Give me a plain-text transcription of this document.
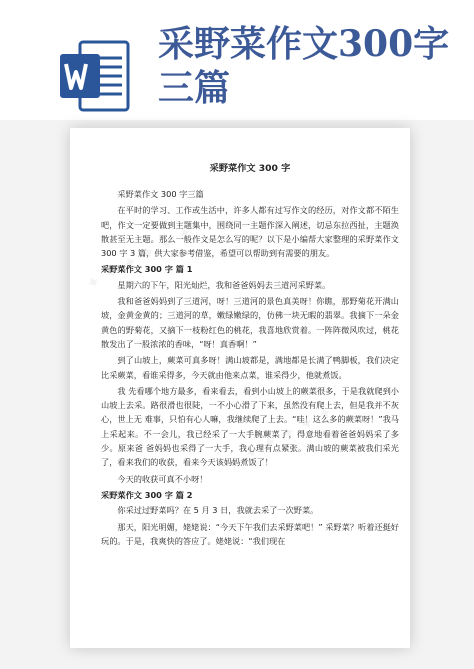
采野菜作文300字三篇
采野菜作文 300 字

采野菜作文 300 字三篇

在平时的学习、工作或生活中，许多人都有过写作文的经历，对作文都不陌生吧，作文一定要做到主题集中，围绕同一主题作深入阐述，切忌东拉西扯，主题涣散甚至无主题。那么一般作文是怎么写的呢？以下是小编帮大家整理的采野菜作文 300 字 3 篇，供大家参考借鉴，希望可以帮助到有需要的朋友。

采野菜作文 300 字 篇 1

星期六的下午，阳光灿烂，我和爸爸妈妈去三道河采野菜。

我和爸爸妈妈到了三道河，呀！三道河的景色真美呀！你瞧，那野菊花开满山坡，金黄金黄的；三道河的草，嫩绿嫩绿的，仿佛一块无暇的翡翠。我摘下一朵金黄色的野菊花，又摘下一枝粉红色的桃花，我喜地欣赏着。一阵阵微风吹过，桃花散发出了一股浓浓的香味，“呀！真香啊！”

到了山坡上，蕨菜可真多呀！满山坡都是，满地都是长满了鸭脚板，我们决定比采蕨菜，看谁采得多，今天就由他来点菜，谁采得少，他就煮饭。

我 先看哪个地方最多，看来看去，看到小山坡上的蕨菜很多，于是我就爬到小山坡上去采。路很滑也很陡，一不小心滑了下来，虽然没有爬上去，但是我并不灰心，世上无 难事，只怕有心人嘛，我继续爬了上去。“哇！这么多的蕨菜呀！”我马上采起来。不一会儿，我已经采了一大手腕蕨菜了，得意地看着爸爸妈妈采了多少。原来爸 爸妈妈也采得了一大手，我心理有点紧张。满山坡的蕨菜被我们采光了，看来我们的收获，看来今天该妈妈煮饭了！

今天的收获可真不小呀！

采野菜作文 300 字 篇 2

你采过过野菜吗？在 5 月 3 日，我就去采了一次野菜。

那天，阳光明媚，姥姥说：“今天下午我们去采野菜吧！” 采野菜？听着还挺好玩的。于是，我爽快的答应了。姥姥说：“我们现在
